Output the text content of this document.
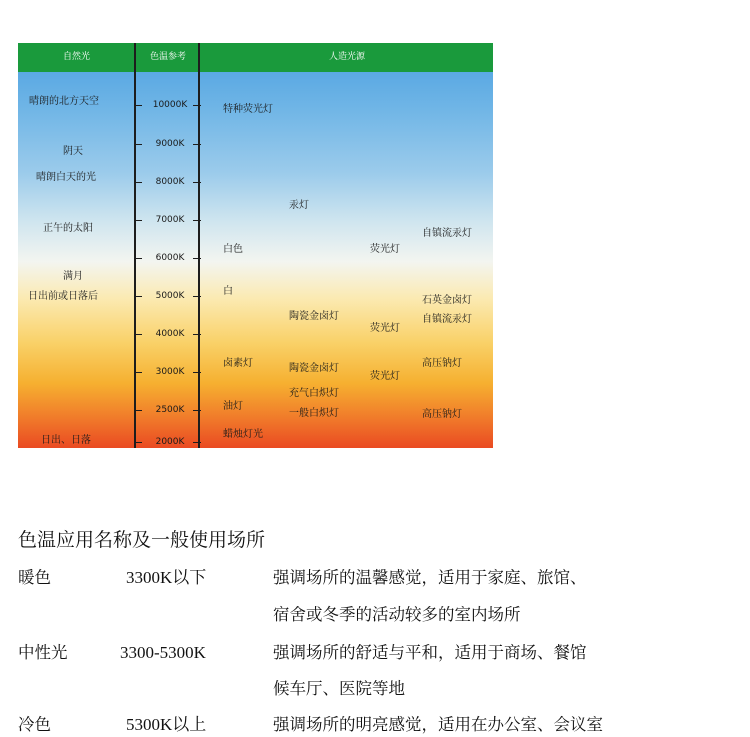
自然光	色温参考	人造光源
10000K
9000K
8000K
7000K
6000K
5000K
4000K
3000K
2500K
2000K
晴朗的北方天空
阴天
晴朗白天的光
正午的太阳
满月
日出前或日落后
日出、日落
特种荧光灯
白色
白
卤素灯
油灯
蜡烛灯光
汞灯
陶瓷金卤灯
陶瓷金卤灯
充气白炽灯
一般白炽灯
荧光灯
荧光灯
荧光灯
自镇流汞灯
石英金卤灯
自镇流汞灯
高压钠灯
高压钠灯
色温应用名称及一般使用场所
暖色	3300K以下	强调场所的温馨感觉，适用于家庭、旅馆、
宿舍或冬季的活动较多的室内场所
中性光	3300-5300K	强调场所的舒适与平和，适用于商场、餐馆
候车厅、医院等地
冷色	5300K以上	强调场所的明亮感觉，适用在办公室、会议室
